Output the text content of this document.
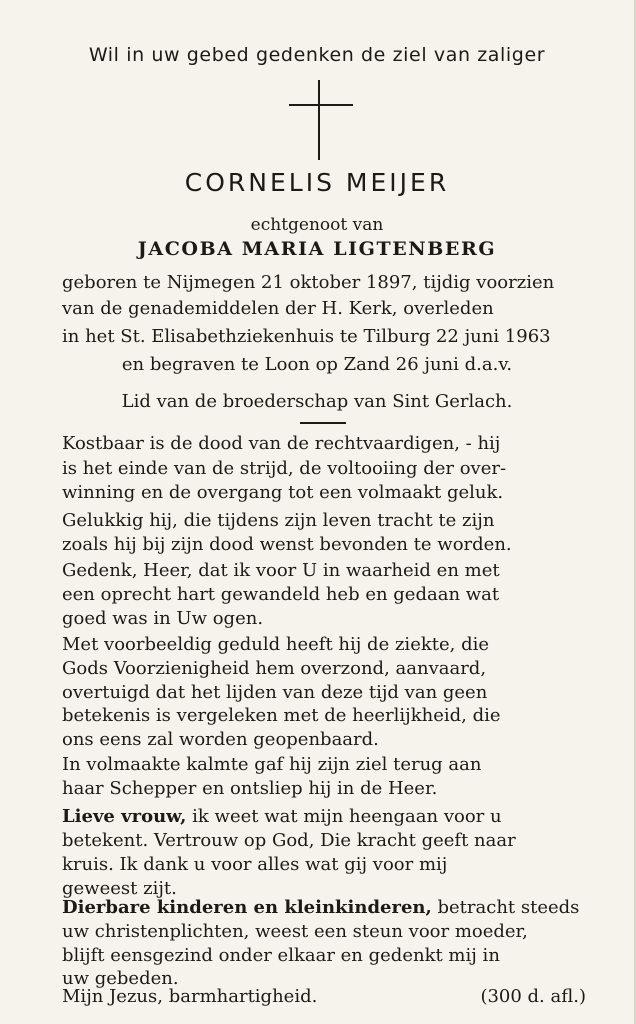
Wil in uw gebed gedenken de ziel van zaliger
CORNELIS MEIJER
echtgenoot van
JACOBA MARIA LIGTENBERG
geboren te Nijmegen 21 oktober 1897, tijdig voorzien
van de genademiddelen der H. Kerk, overleden
in het St. Elisabethziekenhuis te Tilburg 22 juni 1963
en begraven te Loon op Zand 26 juni d.a.v.
Lid van de broederschap van Sint Gerlach.
Kostbaar is de dood van de rechtvaardigen, - hij
is het einde van de strijd, de voltooiing der over-
winning en de overgang tot een volmaakt geluk.
Gelukkig hij, die tijdens zijn leven tracht te zijn
zoals hij bij zijn dood wenst bevonden te worden.
Gedenk, Heer, dat ik voor U in waarheid en met
een oprecht hart gewandeld heb en gedaan wat
goed was in Uw ogen.
Met voorbeeldig geduld heeft hij de ziekte, die
Gods Voorzienigheid hem overzond, aanvaard,
overtuigd dat het lijden van deze tijd van geen
betekenis is vergeleken met de heerlijkheid, die
ons eens zal worden geopenbaard.
In volmaakte kalmte gaf hij zijn ziel terug aan
haar Schepper en ontsliep hij in de Heer.
Lieve vrouw, ik weet wat mijn heengaan voor u
betekent. Vertrouw op God, Die kracht geeft naar
kruis. Ik dank u voor alles wat gij voor mij
geweest zijt.
Dierbare kinderen en kleinkinderen, betracht steeds
uw christenplichten, weest een steun voor moeder,
blijft eensgezind onder elkaar en gedenkt mij in
uw gebeden.
Mijn Jezus, barmhartigheid.	(300 d. afl.)
